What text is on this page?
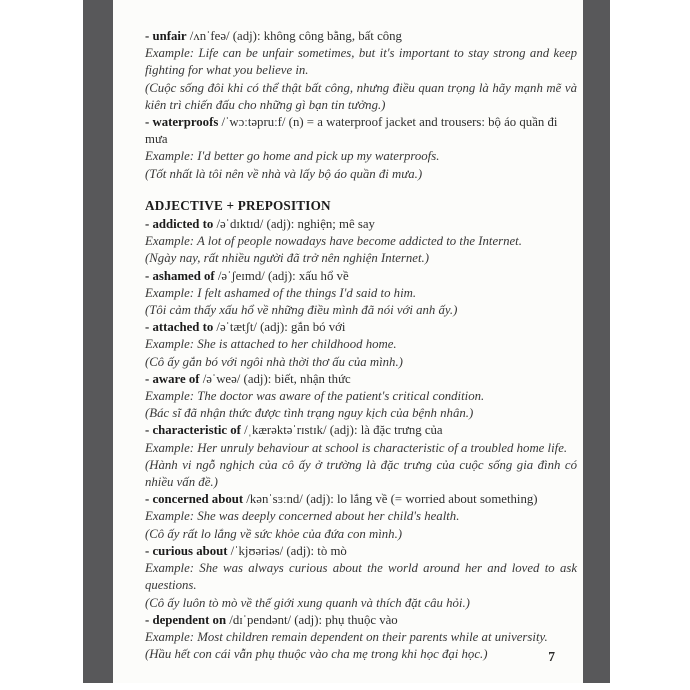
- unfair /ʌnˈfeə/ (adj): không công bằng, bất công

Example: Life can be unfair sometimes, but it's important to stay strong and keep fighting for what you believe in.

(Cuộc sống đôi khi có thể thật bất công, nhưng điều quan trọng là hãy mạnh mẽ và kiên trì chiến đấu cho những gì bạn tin tưởng.)

- waterproofs /ˈwɔːtəpruːf/ (n) = a waterproof jacket and trousers: bộ áo quần đi mưa

Example: I'd better go home and pick up my waterproofs.

(Tốt nhất là tôi nên về nhà và lấy bộ áo quần đi mưa.)

ADJECTIVE + PREPOSITION

- addicted to /əˈdɪktɪd/ (adj): nghiện; mê say

Example: A lot of people nowadays have become addicted to the Internet.

(Ngày nay, rất nhiều người đã trở nên nghiện Internet.)

- ashamed of /əˈʃeɪmd/ (adj): xấu hổ về

Example: I felt ashamed of the things I'd said to him.

(Tôi cảm thấy xấu hổ về những điều mình đã nói với anh ấy.)

- attached to /əˈtætʃt/ (adj): gắn bó với

Example: She is attached to her childhood home.

(Cô ấy gắn bó với ngôi nhà thời thơ ấu của mình.)

- aware of /əˈweə/ (adj): biết, nhận thức

Example: The doctor was aware of the patient's critical condition.

(Bác sĩ đã nhận thức được tình trạng nguy kịch của bệnh nhân.)

- characteristic of /ˌkærəktəˈrɪstɪk/ (adj): là đặc trưng của

Example: Her unruly behaviour at school is characteristic of a troubled home life.

(Hành vi ngỗ nghịch của cô ấy ở trường là đặc trưng của cuộc sống gia đình có nhiều vấn đề.)

- concerned about /kənˈsɜːnd/ (adj): lo lắng về (= worried about something)

Example: She was deeply concerned about her child's health.

(Cô ấy rất lo lắng về sức khỏe của đứa con mình.)

- curious about /ˈkjʊəriəs/ (adj): tò mò

Example: She was always curious about the world around her and loved to ask questions.

(Cô ấy luôn tò mò về thế giới xung quanh và thích đặt câu hỏi.)

- dependent on /dɪˈpendənt/ (adj): phụ thuộc vào

Example: Most children remain dependent on their parents while at university.

(Hầu hết con cái vẫn phụ thuộc vào cha mẹ trong khi học đại học.)	7
